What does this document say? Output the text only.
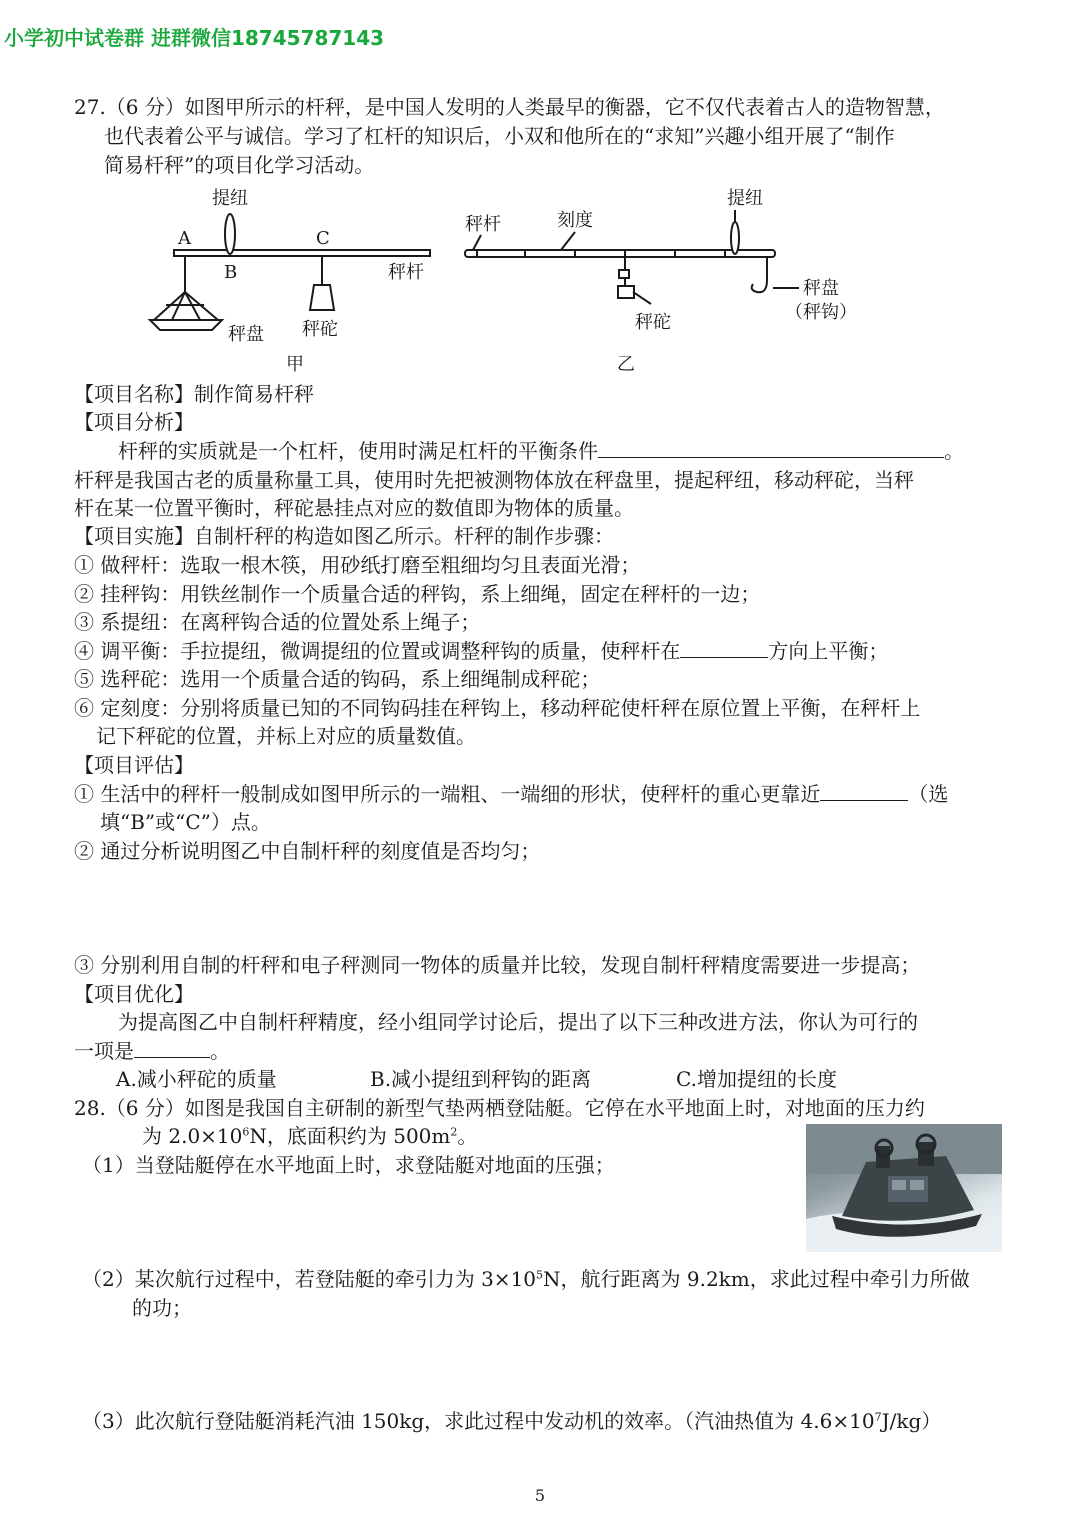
小学初中试卷群 进群微信18745787143
27.（6 分）如图甲所示的杆秤，是中国人发明的人类最早的衡器，它不仅代表着古人的造物智慧，
也代表着公平与诚信。学习了杠杆的知识后，小双和他所在的“求知”兴趣小组开展了“制作
简易杆秤”的项目化学习活动。
提纽
A
B
C
秤杆
秤盘 秤砣
甲
秤杆	刻度
提纽
秤砣
秤盘
（秤钩）
乙
【项目名称】制作简易杆秤
【项目分析】
杆秤的实质就是一个杠杆，使用时满足杠杆的平衡条件	。
杆秤是我国古老的质量称量工具，使用时先把被测物体放在秤盘里，提起秤纽，移动秤砣，当秤
杆在某一位置平衡时，秤砣悬挂点对应的数值即为物体的质量。
【项目实施】自制杆秤的构造如图乙所示。杆秤的制作步骤：
① 做秤杆：选取一根木筷，用砂纸打磨至粗细均匀且表面光滑；
② 挂秤钩：用铁丝制作一个质量合适的秤钩，系上细绳，固定在秤杆的一边；
③ 系提纽：在离秤钩合适的位置处系上绳子；
④ 调平衡：手拉提纽，微调提纽的位置或调整秤钩的质量，使秤杆在	方向上平衡；
⑤ 选秤砣：选用一个质量合适的钩码，系上细绳制成秤砣；
⑥ 定刻度：分别将质量已知的不同钩码挂在秤钩上，移动秤砣使杆秤在原位置上平衡，在秤杆上
记下秤砣的位置，并标上对应的质量数值。
【项目评估】
① 生活中的秤杆一般制成如图甲所示的一端粗、一端细的形状，使秤杆的重心更靠近	（选
填“B”或“C”）点。
② 通过分析说明图乙中自制杆秤的刻度值是否均匀；
③ 分别利用自制的杆秤和电子秤测同一物体的质量并比较，发现自制杆秤精度需要进一步提高；
【项目优化】
为提高图乙中自制杆秤精度，经小组同学讨论后，提出了以下三种改进方法，你认为可行的
一项是	。
A.减小秤砣的质量	B.减小提纽到秤钩的距离	C.增加提纽的长度
28.（6 分）如图是我国自主研制的新型气垫两栖登陆艇。它停在水平地面上时，对地面的压力约
为 $2.0\times 10^6N$，底面积约为 $500m^2$。
（1）当登陆艇停在水平地面上时，求登陆艇对地面的压强；
（2）某次航行过程中，若登陆艇的牵引力为 $3\times 10^5N$，航行距离为 9.2km，求此过程中牵引力所做
的功；
（3）此次航行登陆艇消耗汽油 150kg，求此过程中发动机的效率。（汽油热值为 $4.6\times 10^7J/kg$）
5
